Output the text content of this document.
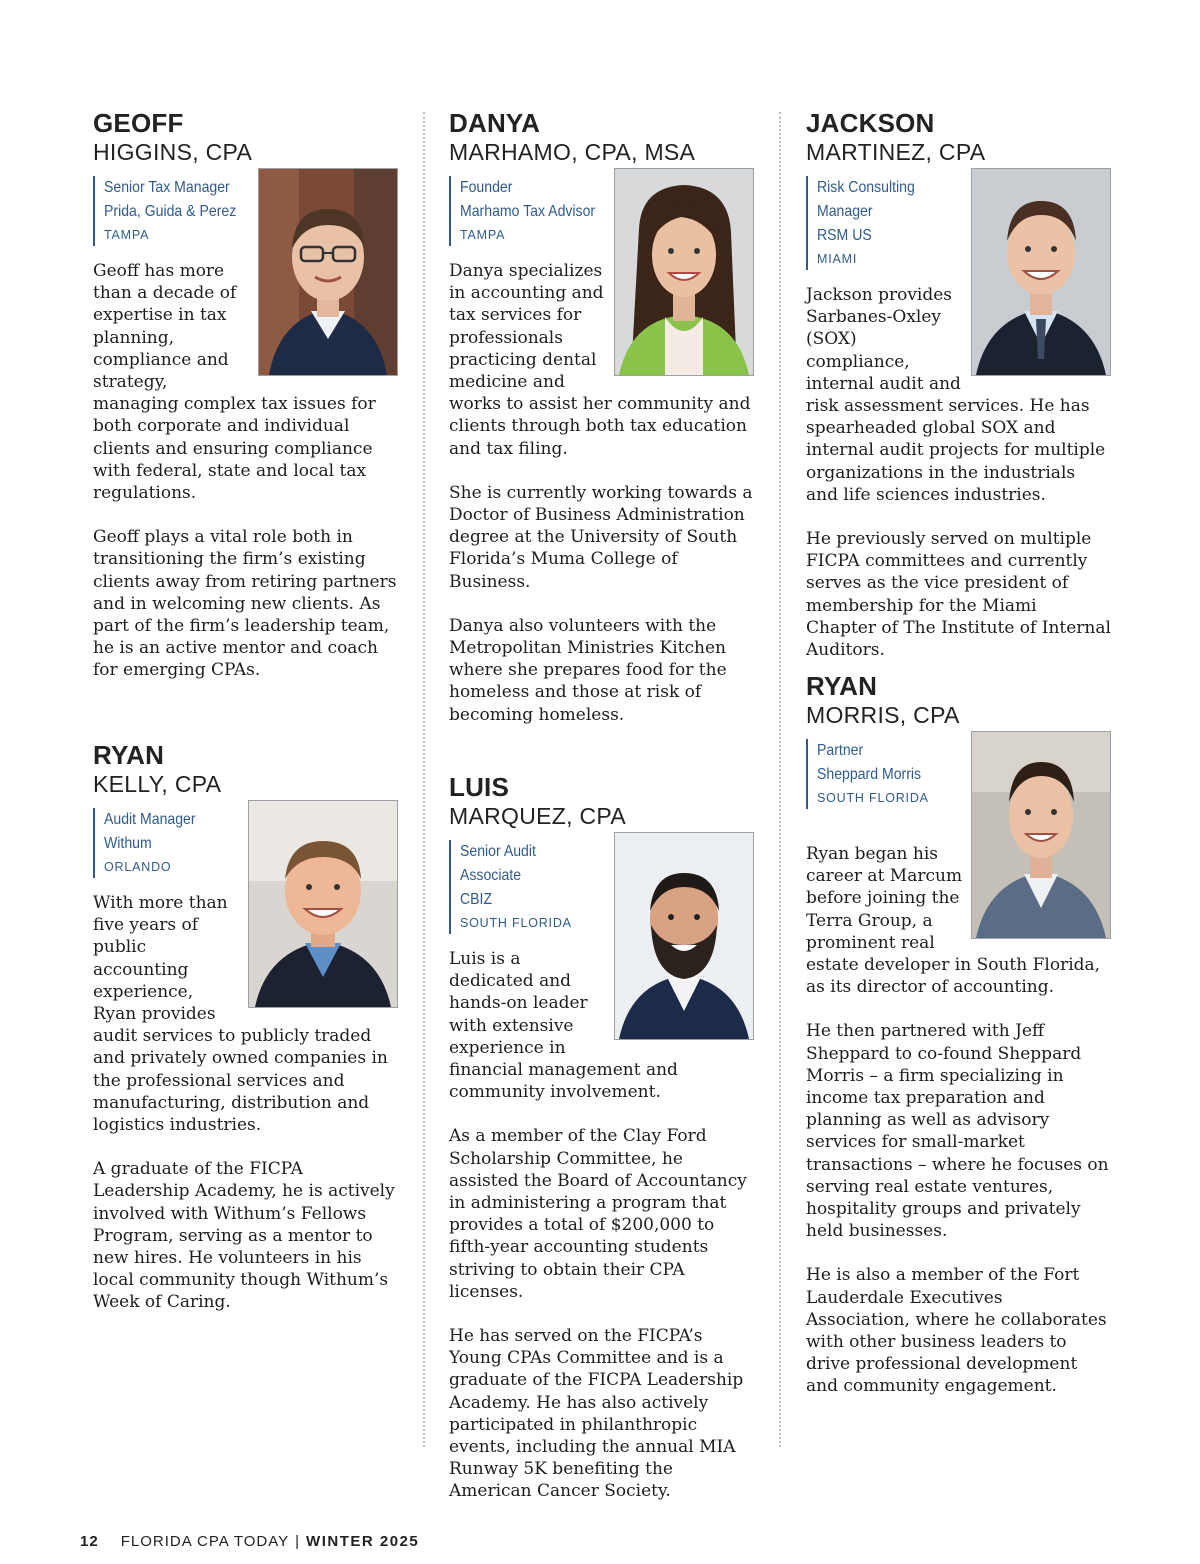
GEOFF
HIGGINS, CPA
Senior Tax Manager
Prida, Guida & Perez
TAMPA

Geoff has more than a decade of expertise in tax planning, compliance and strategy, managing complex tax issues for both corporate and individual clients and ensuring compliance with federal, state and local tax regulations.

Geoff plays a vital role both in transitioning the firm’s existing clients away from retiring partners and in welcoming new clients. As part of the firm’s leadership team, he is an active mentor and coach for emerging CPAs.

RYAN
KELLY, CPA
Audit Manager
Withum
ORLANDO

With more than five years of public accounting experience, Ryan provides audit services to publicly traded and privately owned companies in the professional services and manufacturing, distribution and logistics industries.

A graduate of the FICPA Leadership Academy, he is actively involved with Withum’s Fellows Program, serving as a mentor to new hires. He volunteers in his local community though Withum’s Week of Caring.

DANYA
MARHAMO, CPA, MSA
Founder
Marhamo Tax Advisor
TAMPA

Danya specializes in accounting and tax services for professionals practicing dental medicine and works to assist her community and clients through both tax education and tax filing.

She is currently working towards a Doctor of Business Administration degree at the University of South Florida’s Muma College of Business.

Danya also volunteers with the Metropolitan Ministries Kitchen where she prepares food for the homeless and those at risk of becoming homeless.

LUIS
MARQUEZ, CPA
Senior Audit
Associate
CBIZ
SOUTH FLORIDA

Luis is a dedicated and hands-on leader with extensive experience in financial management and community involvement.

As a member of the Clay Ford Scholarship Committee, he assisted the Board of Accountancy in administering a program that provides a total of $200,000 to fifth-year accounting students striving to obtain their CPA licenses.

He has served on the FICPA’s Young CPAs Committee and is a graduate of the FICPA Leadership Academy. He has also actively participated in philanthropic events, including the annual MIA Runway 5K benefiting the American Cancer Society.

JACKSON
MARTINEZ, CPA
Risk Consulting
Manager
RSM US
MIAMI

Jackson provides Sarbanes-Oxley (SOX) compliance, internal audit and risk assessment services. He has spearheaded global SOX and internal audit projects for multiple organizations in the industrials and life sciences industries.

He previously served on multiple FICPA committees and currently serves as the vice president of membership for the Miami Chapter of The Institute of Internal Auditors.

RYAN
MORRIS, CPA
Partner
Sheppard Morris
SOUTH FLORIDA

Ryan began his career at Marcum before joining the Terra Group, a prominent real estate developer in South Florida, as its director of accounting.

He then partnered with Jeff Sheppard to co-found Sheppard Morris – a firm specializing in income tax preparation and planning as well as advisory services for small-market transactions – where he focuses on serving real estate ventures, hospitality groups and privately held businesses.

He is also a member of the Fort Lauderdale Executives Association, where he collaborates with other business leaders to drive professional development and community engagement.

12 FLORIDA CPA TODAY | WINTER 2025
